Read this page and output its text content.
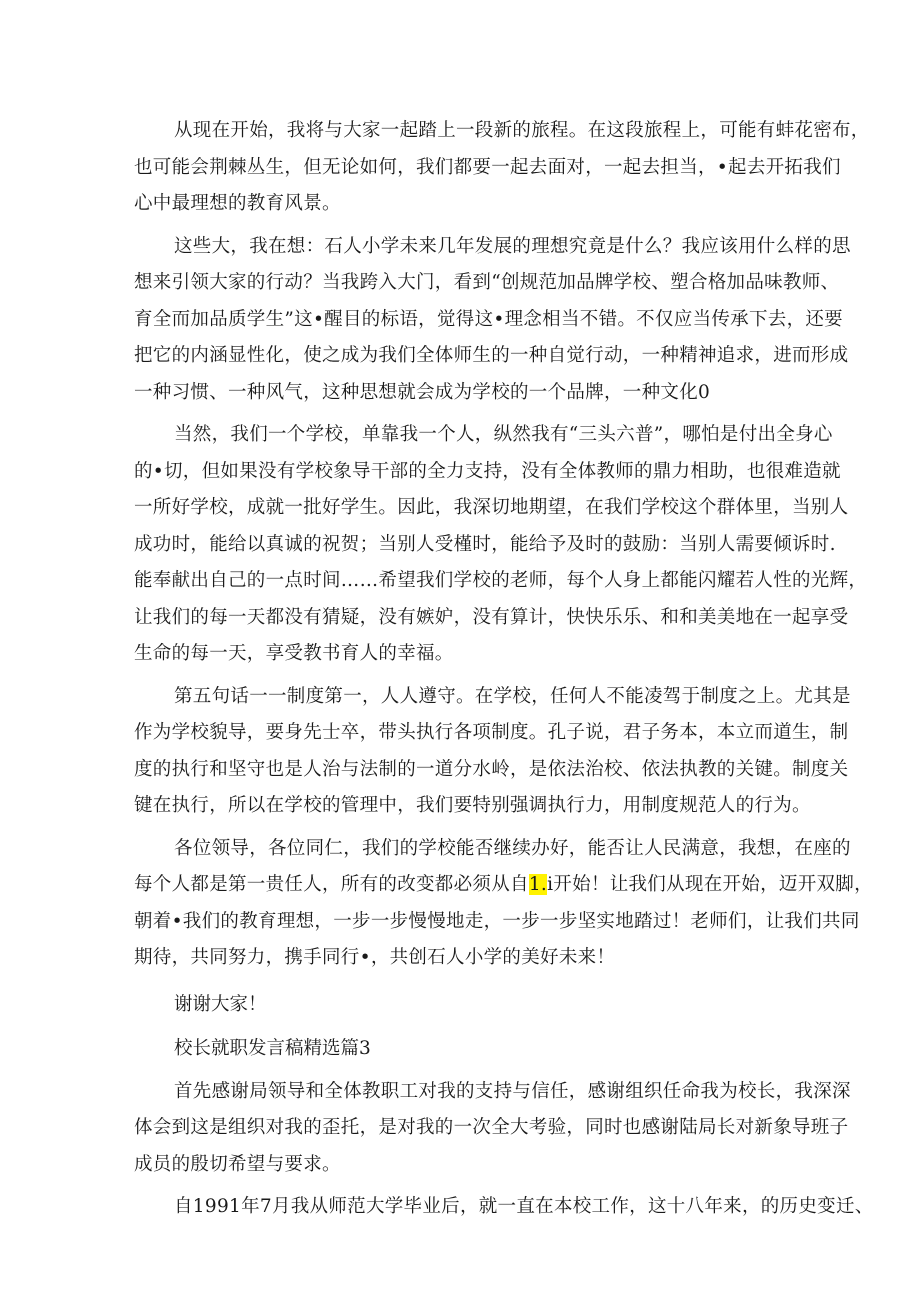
从现在开始，我将与大家一起踏上一段新的旅程。在这段旅程上，可能有蚌花密布，
也可能会荆棘丛生，但无论如何，我们都要一起去面对，一起去担当，•起去开拓我们
心中最理想的教育风景。
这些大，我在想：石人小学未来几年发展的理想究竟是什么？我应该用什么样的思
想来引领大家的行动？当我跨入大门，看到“创规范加品牌学校、塑合格加品味教师、
育全而加品质学生”这•醒目的标语，觉得这•理念相当不错。不仅应当传承下去，还要
把它的内涵显性化，使之成为我们全体师生的一种自觉行动，一种精神追求，进而形成
一种习惯、一种风气，这种思想就会成为学校的一个品牌，一种文化0
当然，我们一个学校，单靠我一个人，纵然我有“三头六普”，哪怕是付出全身心
的•切，但如果没有学校象导干部的全力支持，没有全体教师的鼎力相助，也很难造就
一所好学校，成就一批好学生。因此，我深切地期望，在我们学校这个群体里，当别人
成功时，能给以真诚的祝贺；当别人受槿时，能给予及时的鼓励：当别人需要倾诉时.
能奉献出自己的一点时间……希望我们学校的老师，每个人身上都能闪耀若人性的光辉，
让我们的每一天都没有猜疑，没有嫉妒，没有算计，快快乐乐、和和美美地在一起享受
生命的每一天，享受教书育人的幸福。
第五句话一一制度第一，人人遵守。在学校，任何人不能凌驾于制度之上。尤其是
作为学校貌导，要身先士卒，带头执行各项制度。孔子说，君子务本，本立而道生，制
度的执行和坚守也是人治与法制的一道分水岭，是依法治校、依法执教的关键。制度关
键在执行，所以在学校的管理中，我们要特别强调执行力，用制度规范人的行为。
各位领导，各位同仁，我们的学校能否继续办好，能否让人民满意，我想，在座的
每个人都是第一贵任人，所有的改变都必须从自1.i开始！让我们从现在开始，迈开双脚，
朝着•我们的教育理想，一步一步慢慢地走，一步一步坚实地踏过！老师们，让我们共同
期待，共同努力，携手同行•，共创石人小学的美好未来！
谢谢大家！
校长就职发言稿精选篇3
首先感谢局领导和全体教职工对我的支持与信任，感谢组织任命我为校长，我深深
体会到这是组织对我的歪托，是对我的一次全大考验，同时也感谢陆局长对新象导班子
成员的殷切希望与要求。
自1991年7月我从师范大学毕业后，就一直在本校工作，这十八年来，的历史变迁、
